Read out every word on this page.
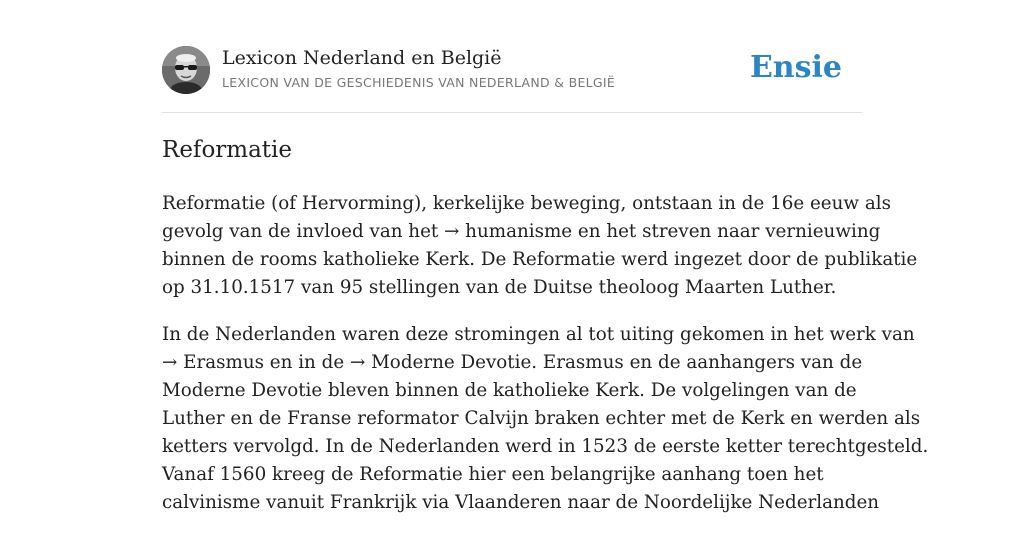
Lexicon Nederland en België
LEXICON VAN DE GESCHIEDENIS VAN NEDERLAND & BELGIË	Ensie
Reformatie

Reformatie (of Hervorming), kerkelijke beweging, ontstaan in de 16e eeuw als
gevolg van de invloed van het → humanisme en het streven naar vernieuwing
binnen de rooms katholieke Kerk. De Reformatie werd ingezet door de publikatie
op 31.10.1517 van 95 stellingen van de Duitse theoloog Maarten Luther.

In de Nederlanden waren deze stromingen al tot uiting gekomen in het werk van
→ Erasmus en in de → Moderne Devotie. Erasmus en de aanhangers van de
Moderne Devotie bleven binnen de katholieke Kerk. De volgelingen van de
Luther en de Franse reformator Calvijn braken echter met de Kerk en werden als
ketters vervolgd. In de Nederlanden werd in 1523 de eerste ketter terechtgesteld.
Vanaf 1560 kreeg de Reformatie hier een belangrijke aanhang toen het
calvinisme vanuit Frankrijk via Vlaanderen naar de Noordelijke Nederlanden
